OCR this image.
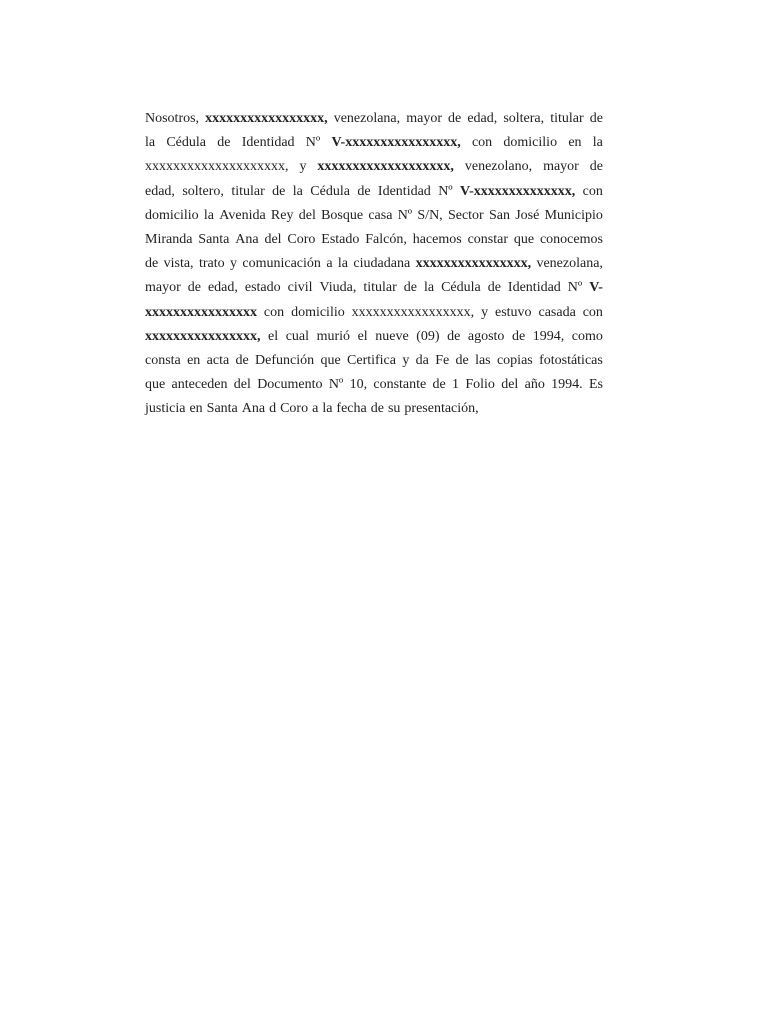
Nosotros, xxxxxxxxxxxxxxxxx, venezolana, mayor de edad, soltera, titular de
la Cédula de Identidad Nº V-xxxxxxxxxxxxxxxx, con domicilio en la
xxxxxxxxxxxxxxxxxxxx, y xxxxxxxxxxxxxxxxxxx, venezolano, mayor de
edad, soltero, titular de la Cédula de Identidad Nº V-xxxxxxxxxxxxxx, con
domicilio la Avenida Rey del Bosque casa Nº S/N, Sector San José Municipio
Miranda Santa Ana del Coro Estado Falcón, hacemos constar que conocemos
de vista, trato y comunicación a la ciudadana xxxxxxxxxxxxxxxx, venezolana,
mayor de edad, estado civil Viuda, titular de la Cédula de Identidad Nº V-
xxxxxxxxxxxxxxxx con domicilio xxxxxxxxxxxxxxxxx, y estuvo casada con
xxxxxxxxxxxxxxxx, el cual murió el nueve (09) de agosto de 1994, como
consta en acta de Defunción que Certifica y da Fe de las copias fotostáticas
que anteceden del Documento Nº 10, constante de 1 Folio del año 1994. Es
justicia en Santa Ana d Coro a la fecha de su presentación,
